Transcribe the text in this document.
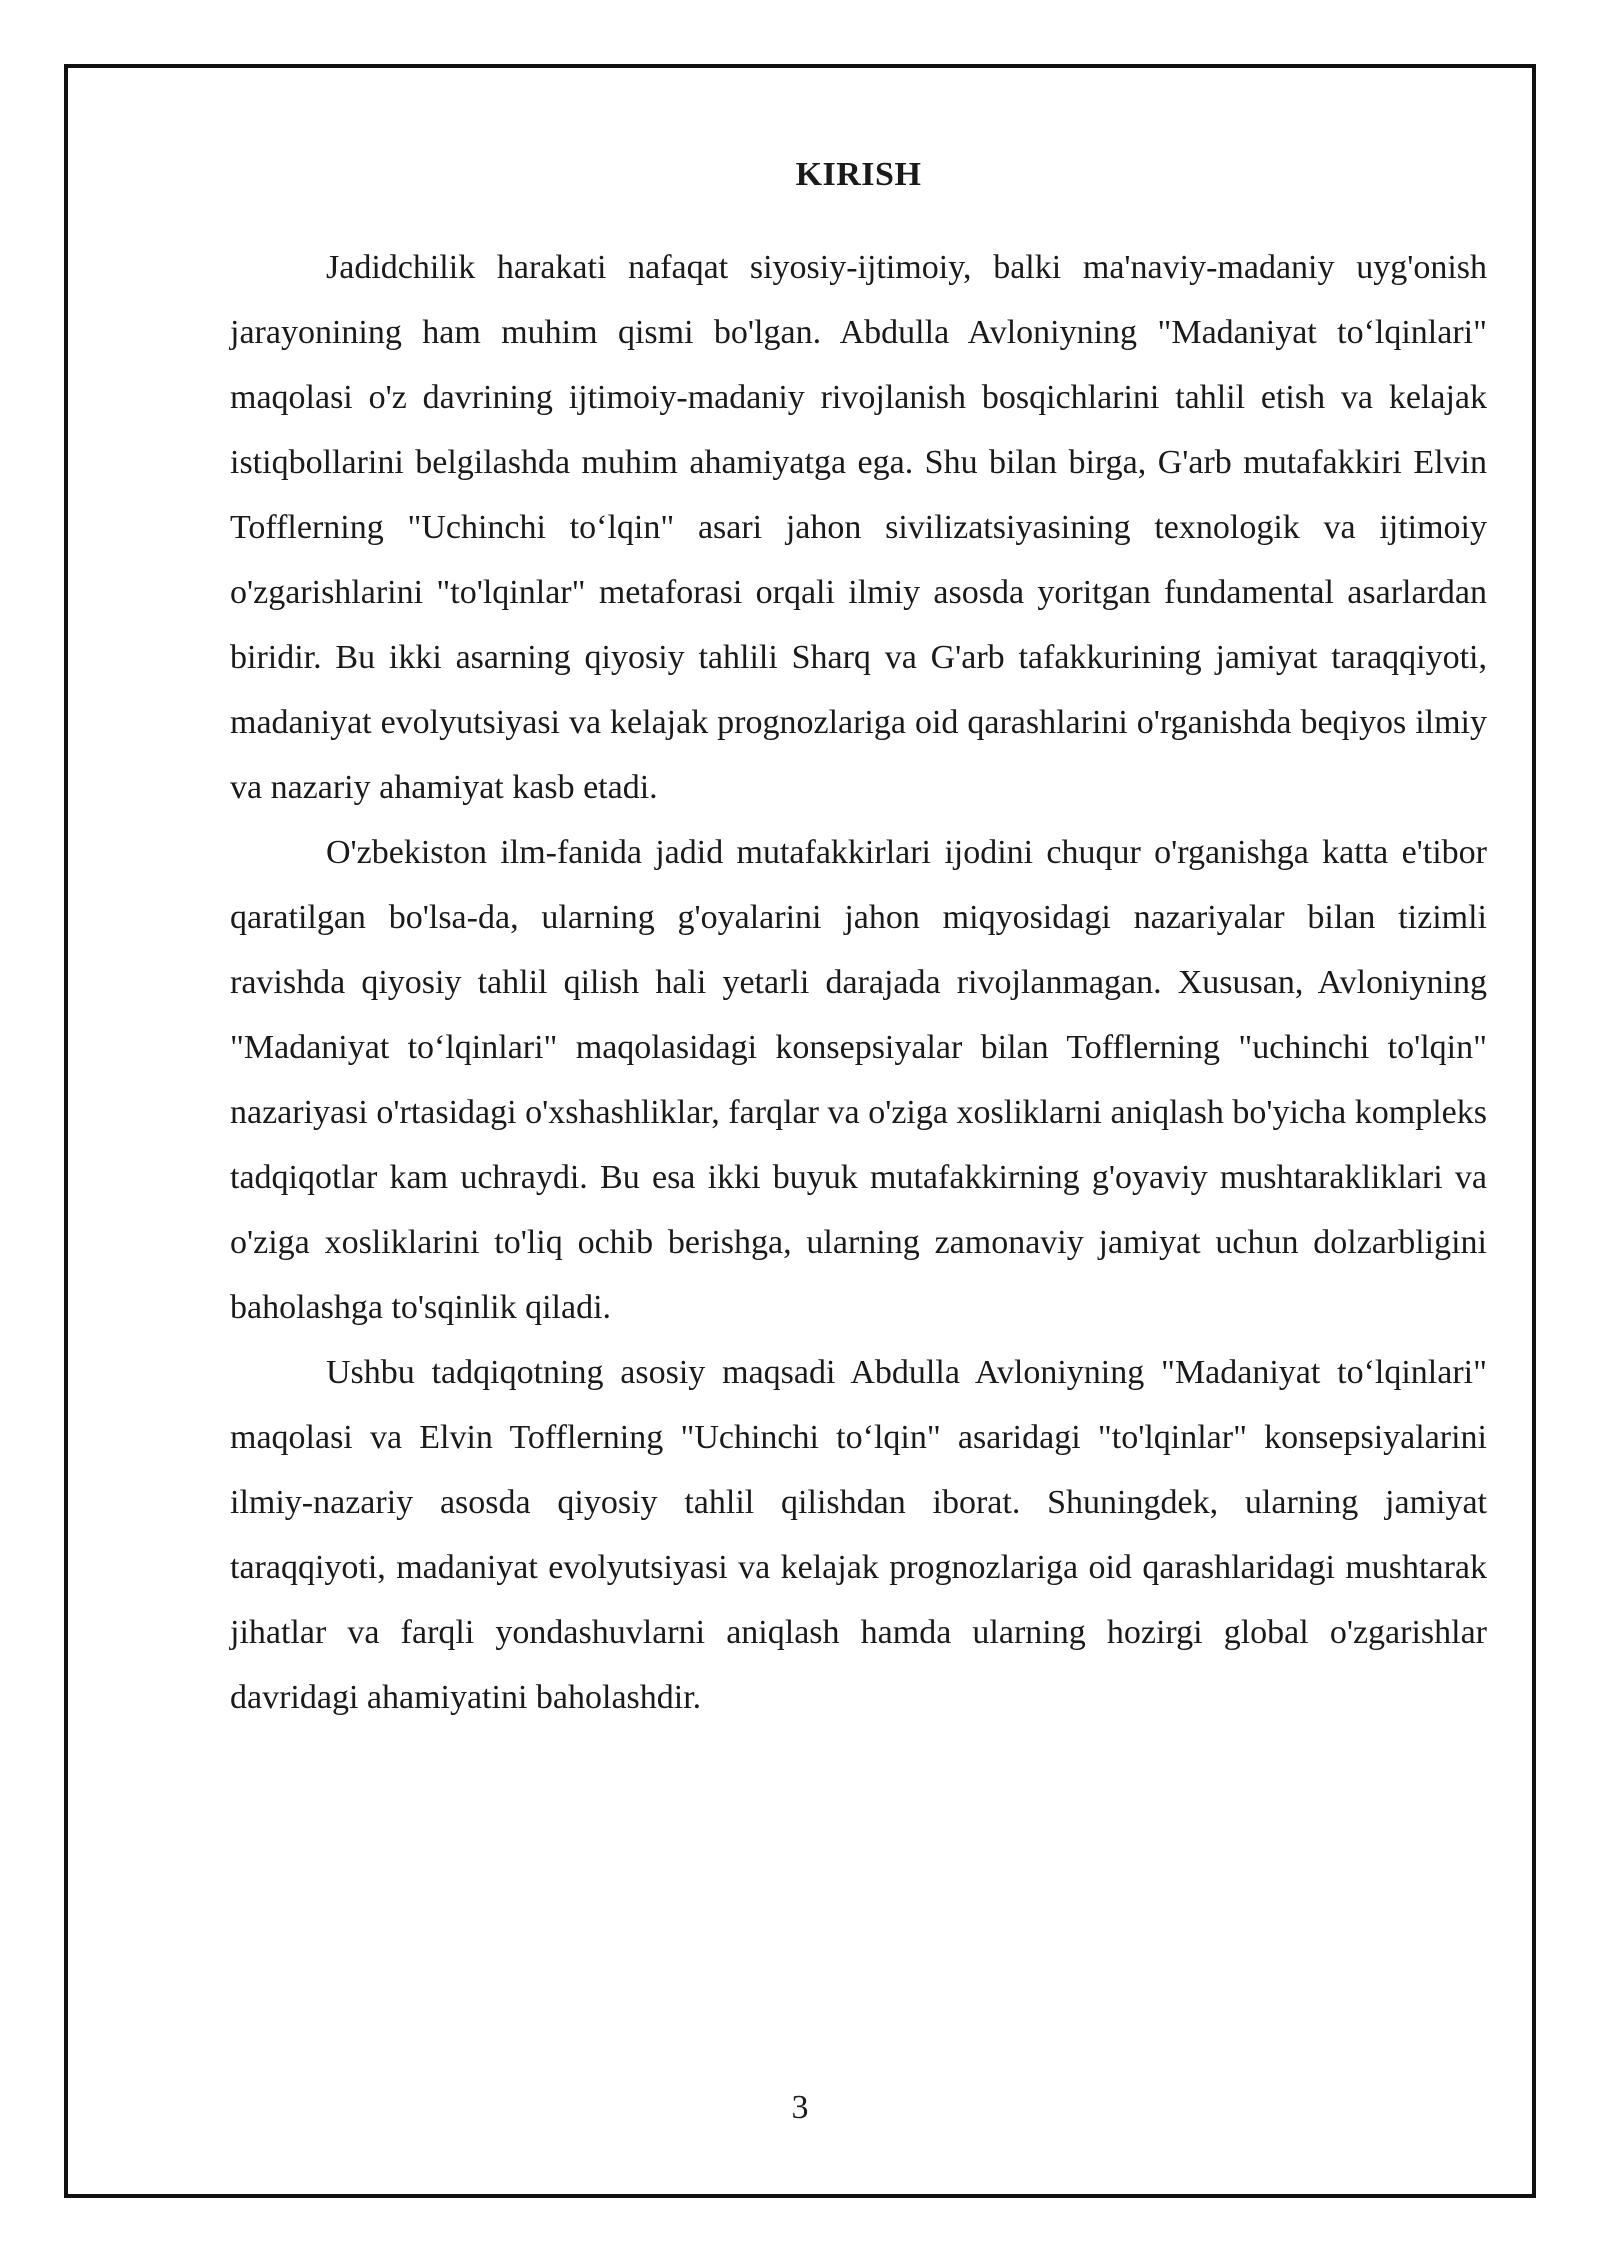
KIRISH

Jadidchilik harakati nafaqat siyosiy-ijtimoiy, balki ma'naviy-madaniy uyg'onish jarayonining ham muhim qismi bo'lgan. Abdulla Avloniyning "Madaniyat to‘lqinlari" maqolasi o'z davrining ijtimoiy-madaniy rivojlanish bosqichlarini tahlil etish va kelajak istiqbollarini belgilashda muhim ahamiyatga ega. Shu bilan birga, G'arb mutafakkiri Elvin Tofflerning "Uchinchi to‘lqin" asari jahon sivilizatsiyasining texnologik va ijtimoiy o'zgarishlarini "to'lqinlar" metaforasi orqali ilmiy asosda yoritgan fundamental asarlardan biridir. Bu ikki asarning qiyosiy tahlili Sharq va G'arb tafakkurining jamiyat taraqqiyoti, madaniyat evolyutsiyasi va kelajak prognozlariga oid qarashlarini o'rganishda beqiyos ilmiy va nazariy ahamiyat kasb etadi.

O'zbekiston ilm-fanida jadid mutafakkirlari ijodini chuqur o'rganishga katta e'tibor qaratilgan bo'lsa-da, ularning g'oyalarini jahon miqyosidagi nazariyalar bilan tizimli ravishda qiyosiy tahlil qilish hali yetarli darajada rivojlanmagan. Xususan, Avloniyning "Madaniyat to‘lqinlari" maqolasidagi konsepsiyalar bilan Tofflerning "uchinchi to'lqin" nazariyasi o'rtasidagi o'xshashliklar, farqlar va o'ziga xosliklarni aniqlash bo'yicha kompleks tadqiqotlar kam uchraydi. Bu esa ikki buyuk mutafakkirning g'oyaviy mushtarakliklari va o'ziga xosliklarini to'liq ochib berishga, ularning zamonaviy jamiyat uchun dolzarbligini baholashga to'sqinlik qiladi.

Ushbu tadqiqotning asosiy maqsadi Abdulla Avloniyning "Madaniyat to‘lqinlari" maqolasi va Elvin Tofflerning "Uchinchi to‘lqin" asaridagi "to'lqinlar" konsepsiyalarini ilmiy-nazariy asosda qiyosiy tahlil qilishdan iborat. Shuningdek, ularning jamiyat taraqqiyoti, madaniyat evolyutsiyasi va kelajak prognozlariga oid qarashlaridagi mushtarak jihatlar va farqli yondashuvlarni aniqlash hamda ularning hozirgi global o'zgarishlar davridagi ahamiyatini baholashdir.

3
